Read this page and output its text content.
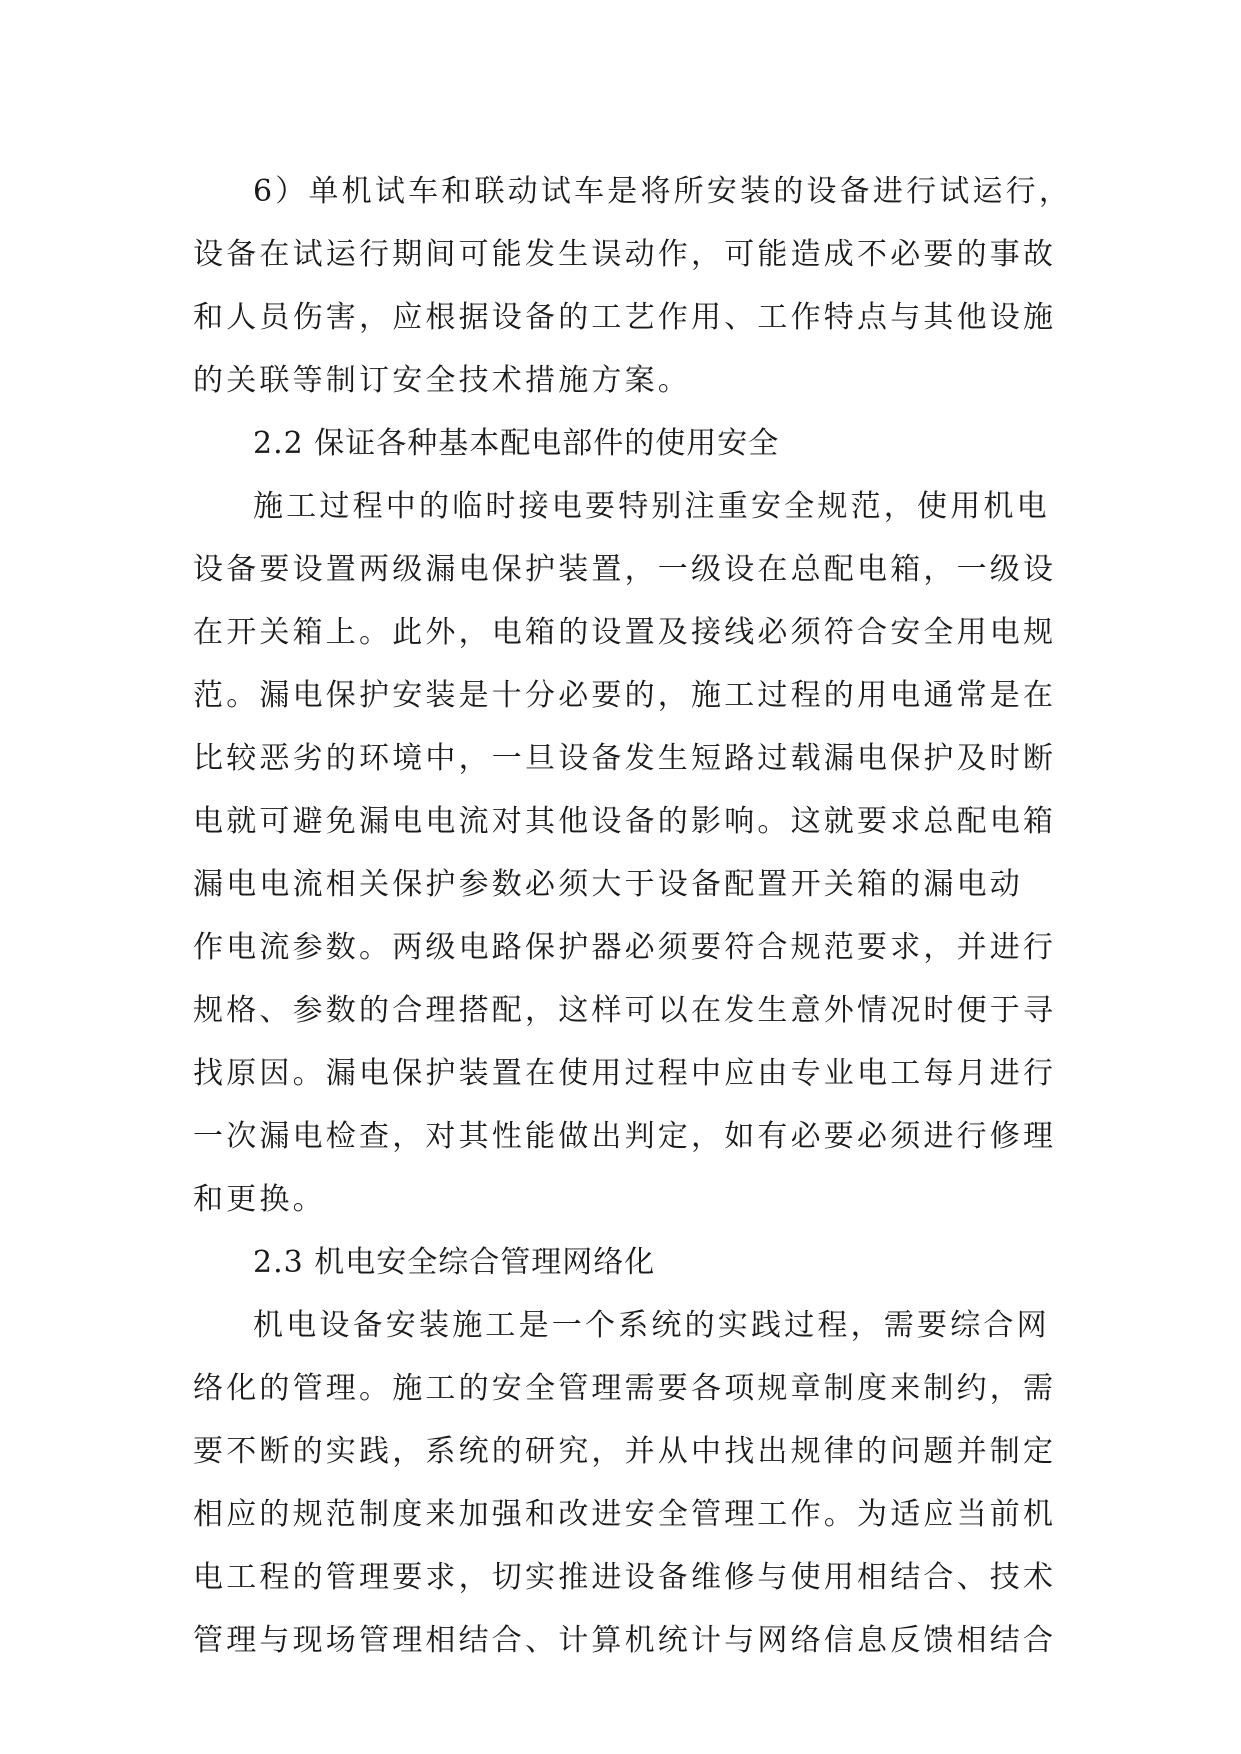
6）单机试车和联动试车是将所安装的设备进行试运行，
设备在试运行期间可能发生误动作，可能造成不必要的事故
和人员伤害，应根据设备的工艺作用、工作特点与其他设施
的关联等制订安全技术措施方案。
2.2 保证各种基本配电部件的使用安全
施工过程中的临时接电要特别注重安全规范，使用机电
设备要设置两级漏电保护装置，一级设在总配电箱，一级设
在开关箱上。此外，电箱的设置及接线必须符合安全用电规
范。漏电保护安装是十分必要的，施工过程的用电通常是在
比较恶劣的环境中，一旦设备发生短路过载漏电保护及时断
电就可避免漏电电流对其他设备的影响。这就要求总配电箱
漏电电流相关保护参数必须大于设备配置开关箱的漏电动
作电流参数。两级电路保护器必须要符合规范要求，并进行
规格、参数的合理搭配，这样可以在发生意外情况时便于寻
找原因。漏电保护装置在使用过程中应由专业电工每月进行
一次漏电检查，对其性能做出判定，如有必要必须进行修理
和更换。
2.3 机电安全综合管理网络化
机电设备安装施工是一个系统的实践过程，需要综合网
络化的管理。施工的安全管理需要各项规章制度来制约，需
要不断的实践，系统的研究，并从中找出规律的问题并制定
相应的规范制度来加强和改进安全管理工作。为适应当前机
电工程的管理要求，切实推进设备维修与使用相结合、技术
管理与现场管理相结合、计算机统计与网络信息反馈相结合
